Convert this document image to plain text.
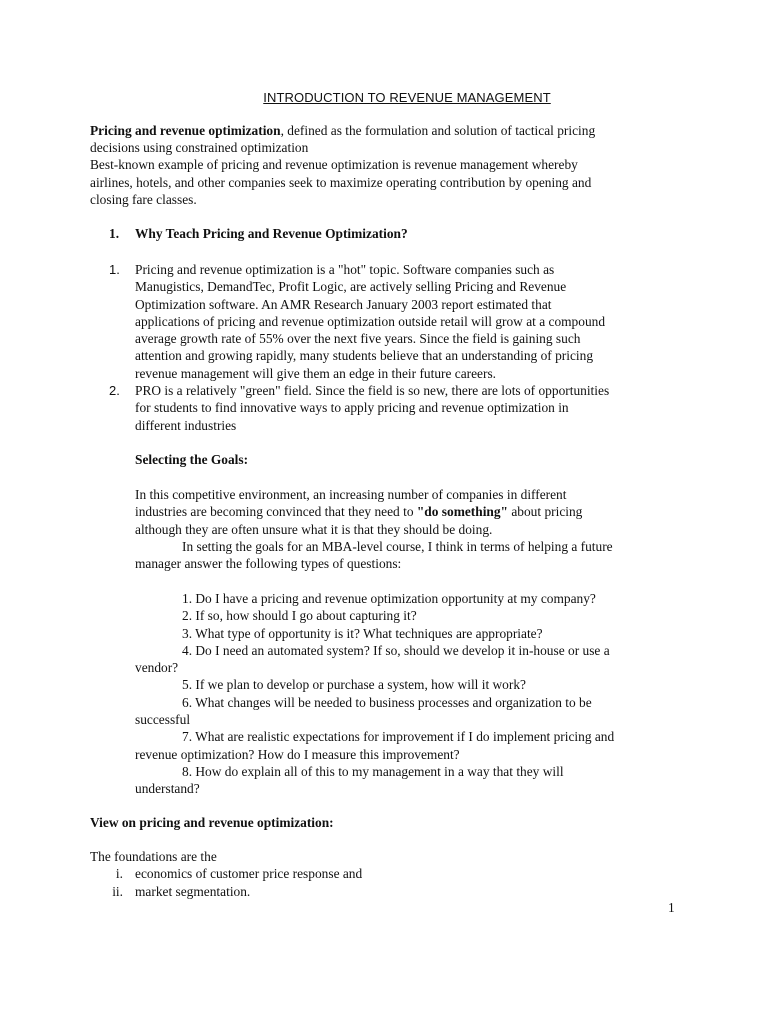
INTRODUCTION TO REVENUE MANAGEMENT
Pricing and revenue optimization, defined as the formulation and solution of tactical pricing
decisions using constrained optimization
Best-known example of pricing and revenue optimization is revenue management whereby
airlines, hotels, and other companies seek to maximize operating contribution by opening and
closing fare classes.
1. Why Teach Pricing and Revenue Optimization?
1. Pricing and revenue optimization is a "hot" topic. Software companies such as
Manugistics, DemandTec, Profit Logic, are actively selling Pricing and Revenue
Optimization software. An AMR Research January 2003 report estimated that
applications of pricing and revenue optimization outside retail will grow at a compound
average growth rate of 55% over the next five years. Since the field is gaining such
attention and growing rapidly, many students believe that an understanding of pricing
revenue management will give them an edge in their future careers.
2. PRO is a relatively "green" field. Since the field is so new, there are lots of opportunities
for students to find innovative ways to apply pricing and revenue optimization in
different industries
Selecting the Goals:
In this competitive environment, an increasing number of companies in different
industries are becoming convinced that they need to "do something" about pricing
although they are often unsure what it is that they should be doing.
In setting the goals for an MBA-level course, I think in terms of helping a future
manager answer the following types of questions:
1. Do I have a pricing and revenue optimization opportunity at my company?
2. If so, how should I go about capturing it?
3. What type of opportunity is it? What techniques are appropriate?
4. Do I need an automated system? If so, should we develop it in-house or use a
vendor?
5. If we plan to develop or purchase a system, how will it work?
6. What changes will be needed to business processes and organization to be
successful
7. What are realistic expectations for improvement if I do implement pricing and
revenue optimization? How do I measure this improvement?
8. How do explain all of this to my management in a way that they will
understand?
View on pricing and revenue optimization:
The foundations are the
i. economics of customer price response and
ii. market segmentation.
1
